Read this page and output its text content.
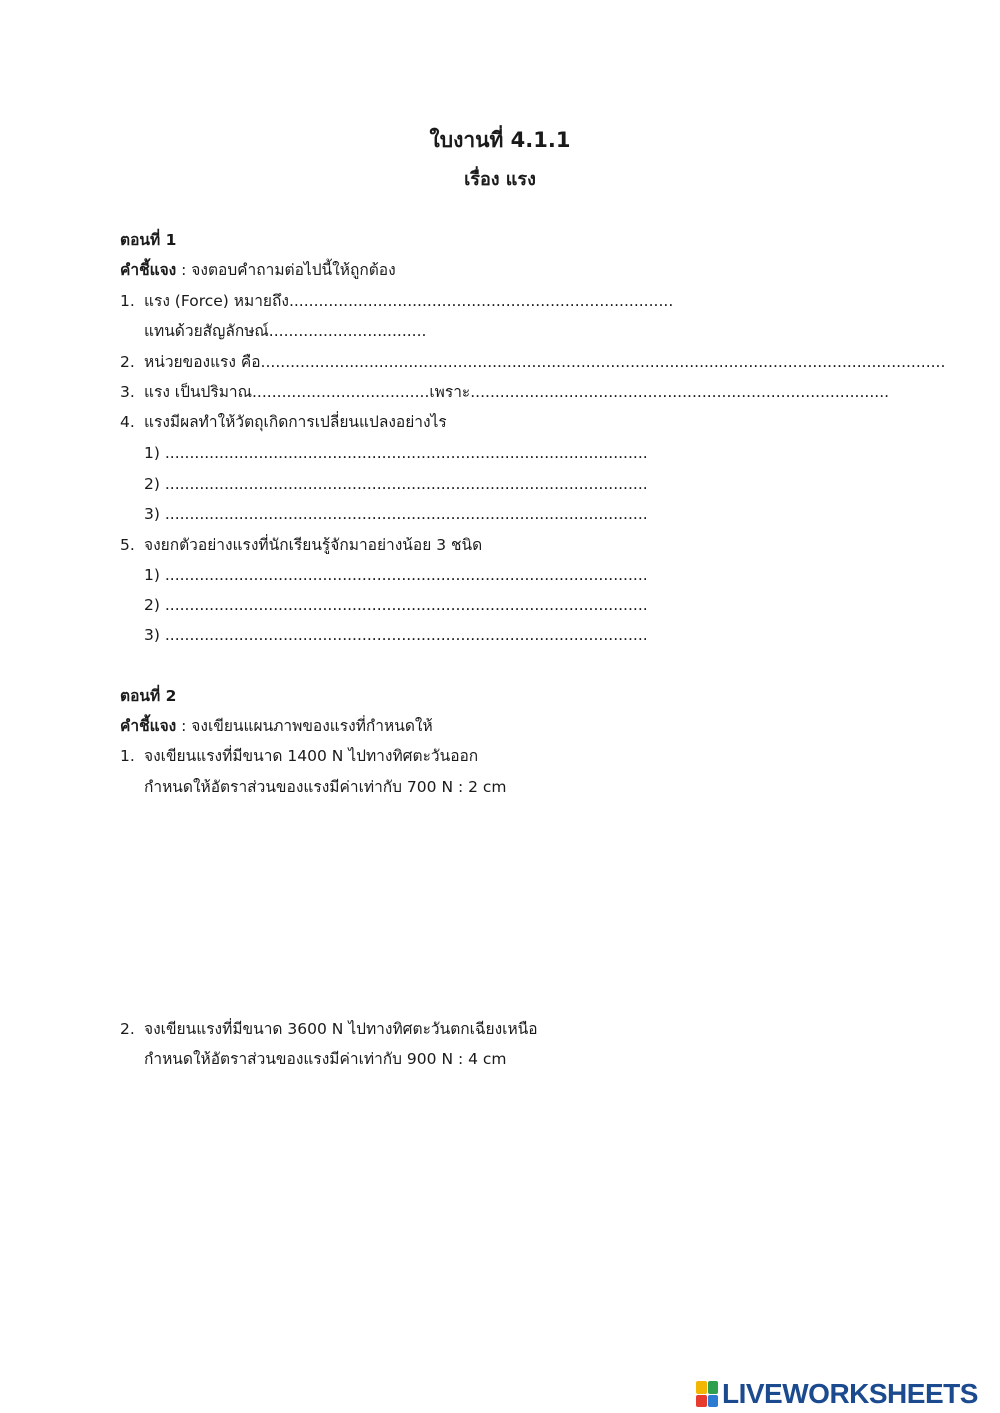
ใบงานที่ 4.1.1
เรื่อง แรง
ตอนที่ 1
คำชี้แจง : จงตอบคำถามต่อไปนี้ให้ถูกต้อง
1. แรง (Force) หมายถึง..............................................................................
แทนด้วยสัญลักษณ์................................
2. หน่วยของแรง คือ...........................................................................................................................................
3. แรง เป็นปริมาณ....................................เพราะ.....................................................................................
4. แรงมีผลทำให้วัตถุเกิดการเปลี่ยนแปลงอย่างไร
1) ..................................................................................................
2) ..................................................................................................
3) ..................................................................................................
5. จงยกตัวอย่างแรงที่นักเรียนรู้จักมาอย่างน้อย 3 ชนิด
1) ..................................................................................................
2) ..................................................................................................
3) ..................................................................................................
ตอนที่ 2
คำชี้แจง : จงเขียนแผนภาพของแรงที่กำหนดให้
1. จงเขียนแรงที่มีขนาด 1400 N ไปทางทิศตะวันออก
กำหนดให้อัตราส่วนของแรงมีค่าเท่ากับ 700 N : 2 cm
2. จงเขียนแรงที่มีขนาด 3600 N ไปทางทิศตะวันตกเฉียงเหนือ
กำหนดให้อัตราส่วนของแรงมีค่าเท่ากับ 900 N : 4 cm
LIVEWORKSHEETS
